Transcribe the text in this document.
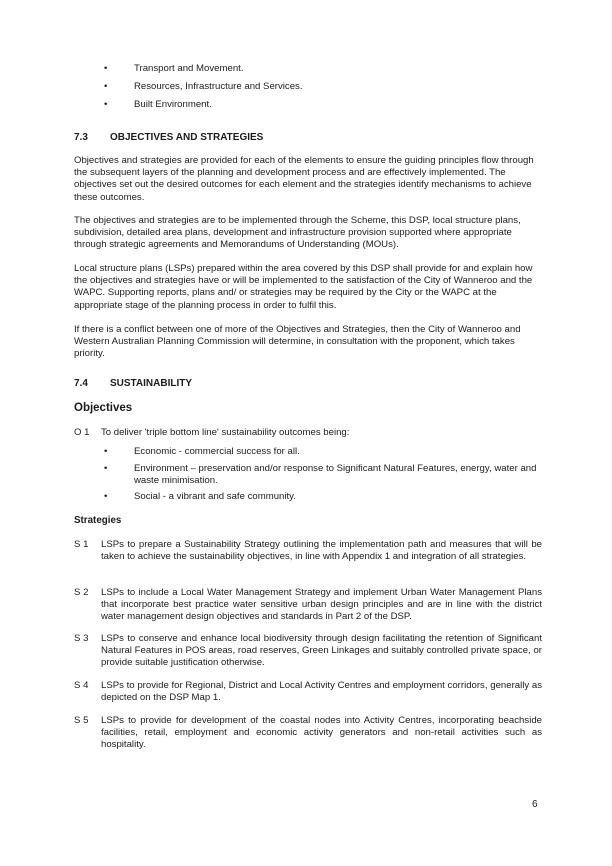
•	Transport and Movement.
•	Resources, Infrastructure and Services.
•	Built Environment.
7.3 OBJECTIVES AND STRATEGIES

Objectives and strategies are provided for each of the elements to ensure the guiding principles flow through the subsequent layers of the planning and development process and are effectively implemented. The objectives set out the desired outcomes for each element and the strategies identify mechanisms to achieve these outcomes.

The objectives and strategies are to be implemented through the Scheme, this DSP, local structure plans, subdivision, detailed area plans, development and infrastructure provision supported where appropriate through strategic agreements and Memorandums of Understanding (MOUs).

Local structure plans (LSPs) prepared within the area covered by this DSP shall provide for and explain how the objectives and strategies have or will be implemented to the satisfaction of the City of Wanneroo and the WAPC. Supporting reports, plans and/ or strategies may be required by the City or the WAPC at the appropriate stage of the planning process in order to fulfil this.

If there is a conflict between one of more of the Objectives and Strategies, then the City of Wanneroo and Western Australian Planning Commission will determine, in consultation with the proponent, which takes priority.

7.4 SUSTAINABILITY
Objectives
O 1 To deliver 'triple bottom line' sustainability outcomes being:
•	Economic - commercial success for all.
•	Environment – preservation and/or response to Significant Natural Features, energy, water and waste minimisation.
•	Social - a vibrant and safe community.
Strategies
S 1 LSPs to prepare a Sustainability Strategy outlining the implementation path and measures that will be taken to achieve the sustainability objectives, in line with Appendix 1 and integration of all strategies.

S 2 LSPs to include a Local Water Management Strategy and implement Urban Water Management Plans that incorporate best practice water sensitive urban design principles and are in line with the district water management design objectives and standards in Part 2 of the DSP.

S 3 LSPs to conserve and enhance local biodiversity through design facilitating the retention of Significant Natural Features in POS areas, road reserves, Green Linkages and suitably controlled private space, or provide suitable justification otherwise.

S 4 LSPs to provide for Regional, District and Local Activity Centres and employment corridors, generally as depicted on the DSP Map 1.

S 5 LSPs to provide for development of the coastal nodes into Activity Centres, incorporating beachside facilities, retail, employment and economic activity generators and non-retail activities such as hospitality.

6
